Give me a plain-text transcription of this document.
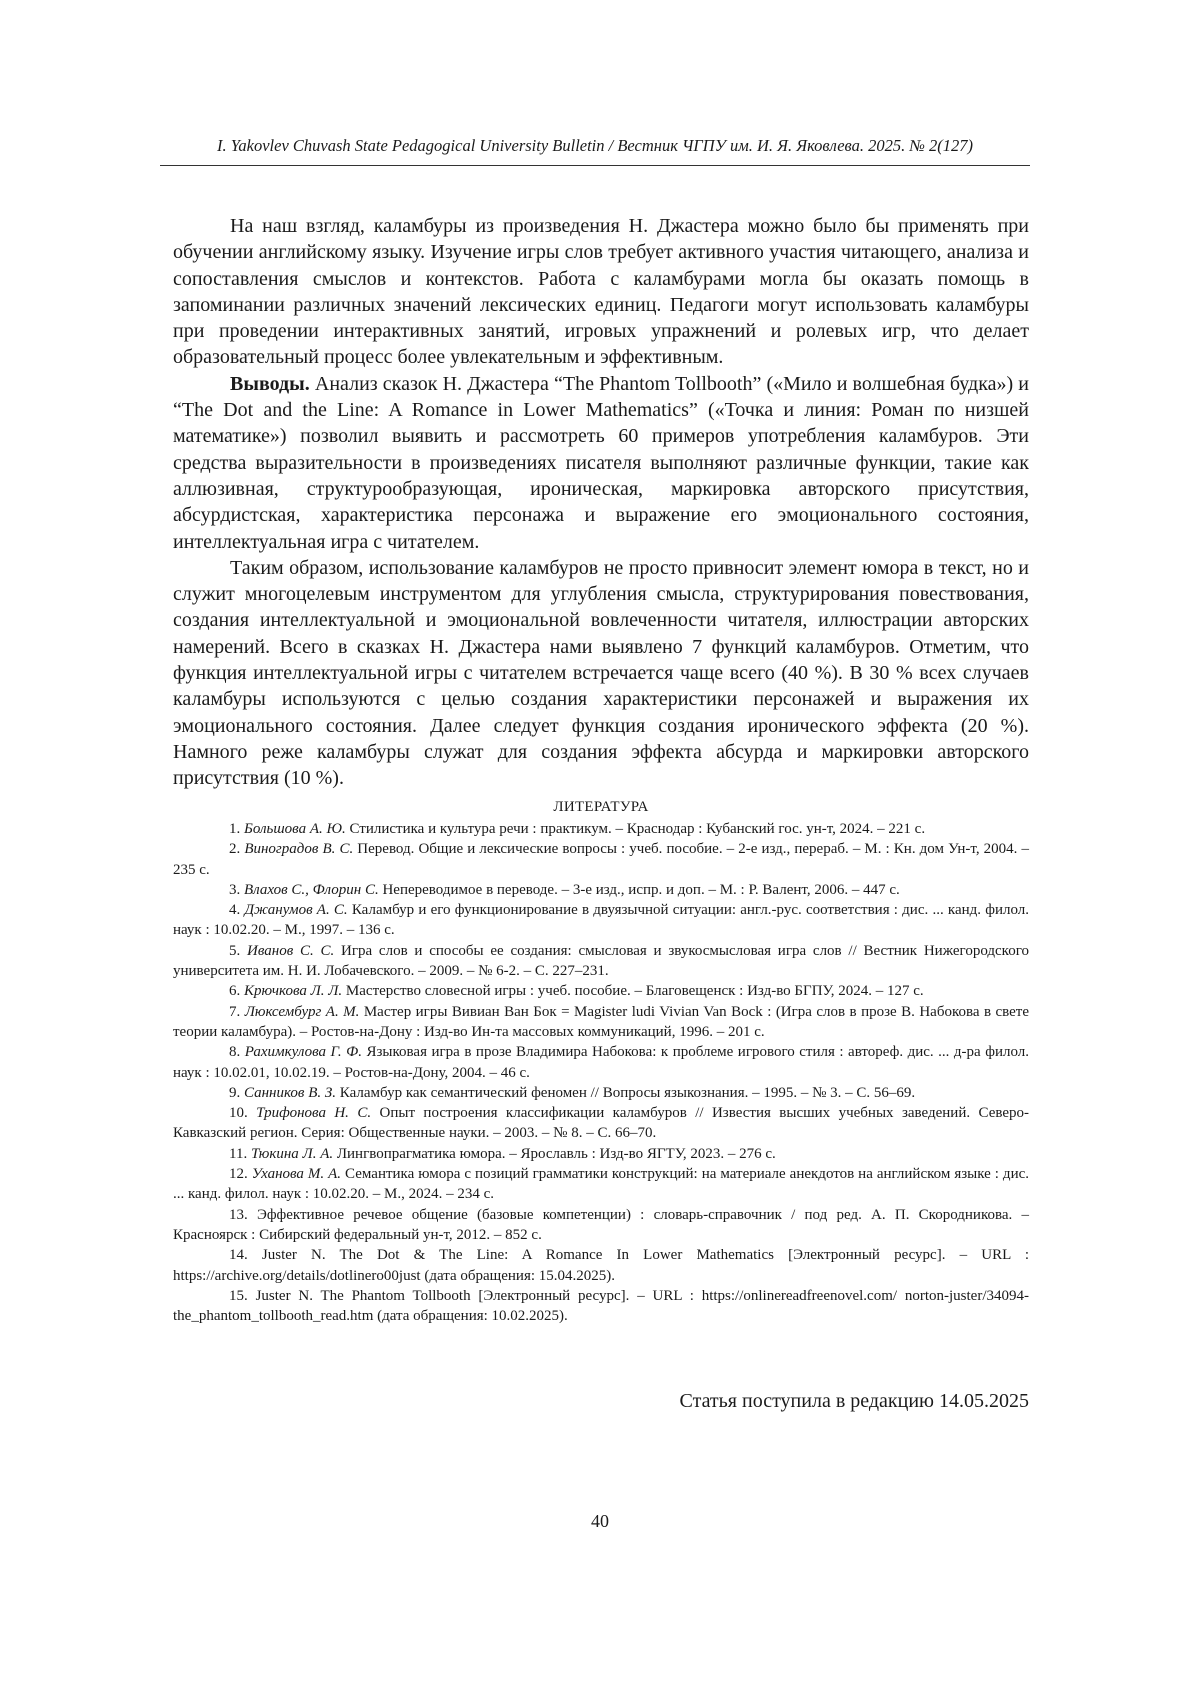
I. Yakovlev Chuvash State Pedagogical University Bulletin / Вестник ЧГПУ им. И. Я. Яковлева. 2025. № 2(127)

На наш взгляд, каламбуры из произведения Н. Джастера можно было бы применять при обучении английскому языку. Изучение игры слов требует активного участия читающего, анализа и сопоставления смыслов и контекстов. Работа с каламбурами могла бы оказать помощь в запоминании различных значений лексических единиц. Педагоги могут использовать каламбуры при проведении интерактивных занятий, игровых упражнений и ролевых игр, что делает образовательный процесс более увлекательным и эффективным.

Выводы. Анализ сказок Н. Джастера “The Phantom Tollbooth” («Мило и волшебная будка») и “The Dot and the Line: A Romance in Lower Mathematics” («Точка и линия: Роман по низшей математике») позволил выявить и рассмотреть 60 примеров употребления каламбуров. Эти средства выразительности в произведениях писателя выполняют различные функции, такие как аллюзивная, структурообразующая, ироническая, маркировка авторского присутствия, абсурдистская, характеристика персонажа и выражение его эмоционального состояния, интеллектуальная игра с читателем.

Таким образом, использование каламбуров не просто привносит элемент юмора в текст, но и служит многоцелевым инструментом для углубления смысла, структурирования повествования, создания интеллектуальной и эмоциональной вовлеченности читателя, иллюстрации авторских намерений. Всего в сказках Н. Джастера нами выявлено 7 функций каламбуров. Отметим, что функция интеллектуальной игры с читателем встречается чаще всего (40 %). В 30 % всех случаев каламбуры используются с целью создания характеристики персонажей и выражения их эмоционального состояния. Далее следует функция создания иронического эффекта (20 %). Намного реже каламбуры служат для создания эффекта абсурда и маркировки авторского присутствия (10 %).

ЛИТЕРАТУРА

1. Большова А. Ю. Стилистика и культура речи : практикум. – Краснодар : Кубанский гос. ун-т, 2024. – 221 с.

2. Виноградов В. С. Перевод. Общие и лексические вопросы : учеб. пособие. – 2-е изд., перераб. – М. : Кн. дом Ун-т, 2004. – 235 с.

3. Влахов С., Флорин С. Непереводимое в переводе. – 3-е изд., испр. и доп. – М. : Р. Валент, 2006. – 447 с.

4. Джанумов А. С. Каламбур и его функционирование в двуязычной ситуации: англ.-рус. соответствия : дис. ... канд. филол. наук : 10.02.20. – М., 1997. – 136 с.

5. Иванов С. С. Игра слов и способы ее создания: смысловая и звукосмысловая игра слов // Вестник Нижегородского университета им. Н. И. Лобачевского. – 2009. – № 6-2. – С. 227–231.

6. Крючкова Л. Л. Мастерство словесной игры : учеб. пособие. – Благовещенск : Изд-во БГПУ, 2024. – 127 с.

7. Люксембург А. М. Мастер игры Вивиан Ван Бок = Magister ludi Vivian Van Bock : (Игра слов в прозе В. Набокова в свете теории каламбура). – Ростов-на-Дону : Изд-во Ин-та массовых коммуникаций, 1996. – 201 с.

8. Рахимкулова Г. Ф. Языковая игра в прозе Владимира Набокова: к проблеме игрового стиля : автореф. дис. ... д-ра филол. наук : 10.02.01, 10.02.19. – Ростов-на-Дону, 2004. – 46 с.

9. Санников В. З. Каламбур как семантический феномен // Вопросы языкознания. – 1995. – № 3. – С. 56–69.

10. Трифонова Н. С. Опыт построения классификации каламбуров // Известия высших учебных заведений. Северо-Кавказский регион. Серия: Общественные науки. – 2003. – № 8. – С. 66–70.

11. Тюкина Л. А. Лингвопрагматика юмора. – Ярославль : Изд-во ЯГТУ, 2023. – 276 с.

12. Уханова М. А. Семантика юмора с позиций грамматики конструкций: на материале анекдотов на английском языке : дис. ... канд. филол. наук : 10.02.20. – М., 2024. – 234 с.

13. Эффективное речевое общение (базовые компетенции) : словарь-справочник / под ред. А. П. Скородникова. – Красноярск : Сибирский федеральный ун-т, 2012. – 852 с.

14. Juster N. The Dot & The Line: A Romance In Lower Mathematics [Электронный ресурс]. – URL : https://archive.org/details/dotlinero00just (дата обращения: 15.04.2025).

15. Juster N. The Phantom Tollbooth [Электронный ресурс]. – URL : https://onlinereadfreenovel.com/ norton-juster/34094-the_phantom_tollbooth_read.htm (дата обращения: 10.02.2025).

Статья поступила в редакцию 14.05.2025
40
